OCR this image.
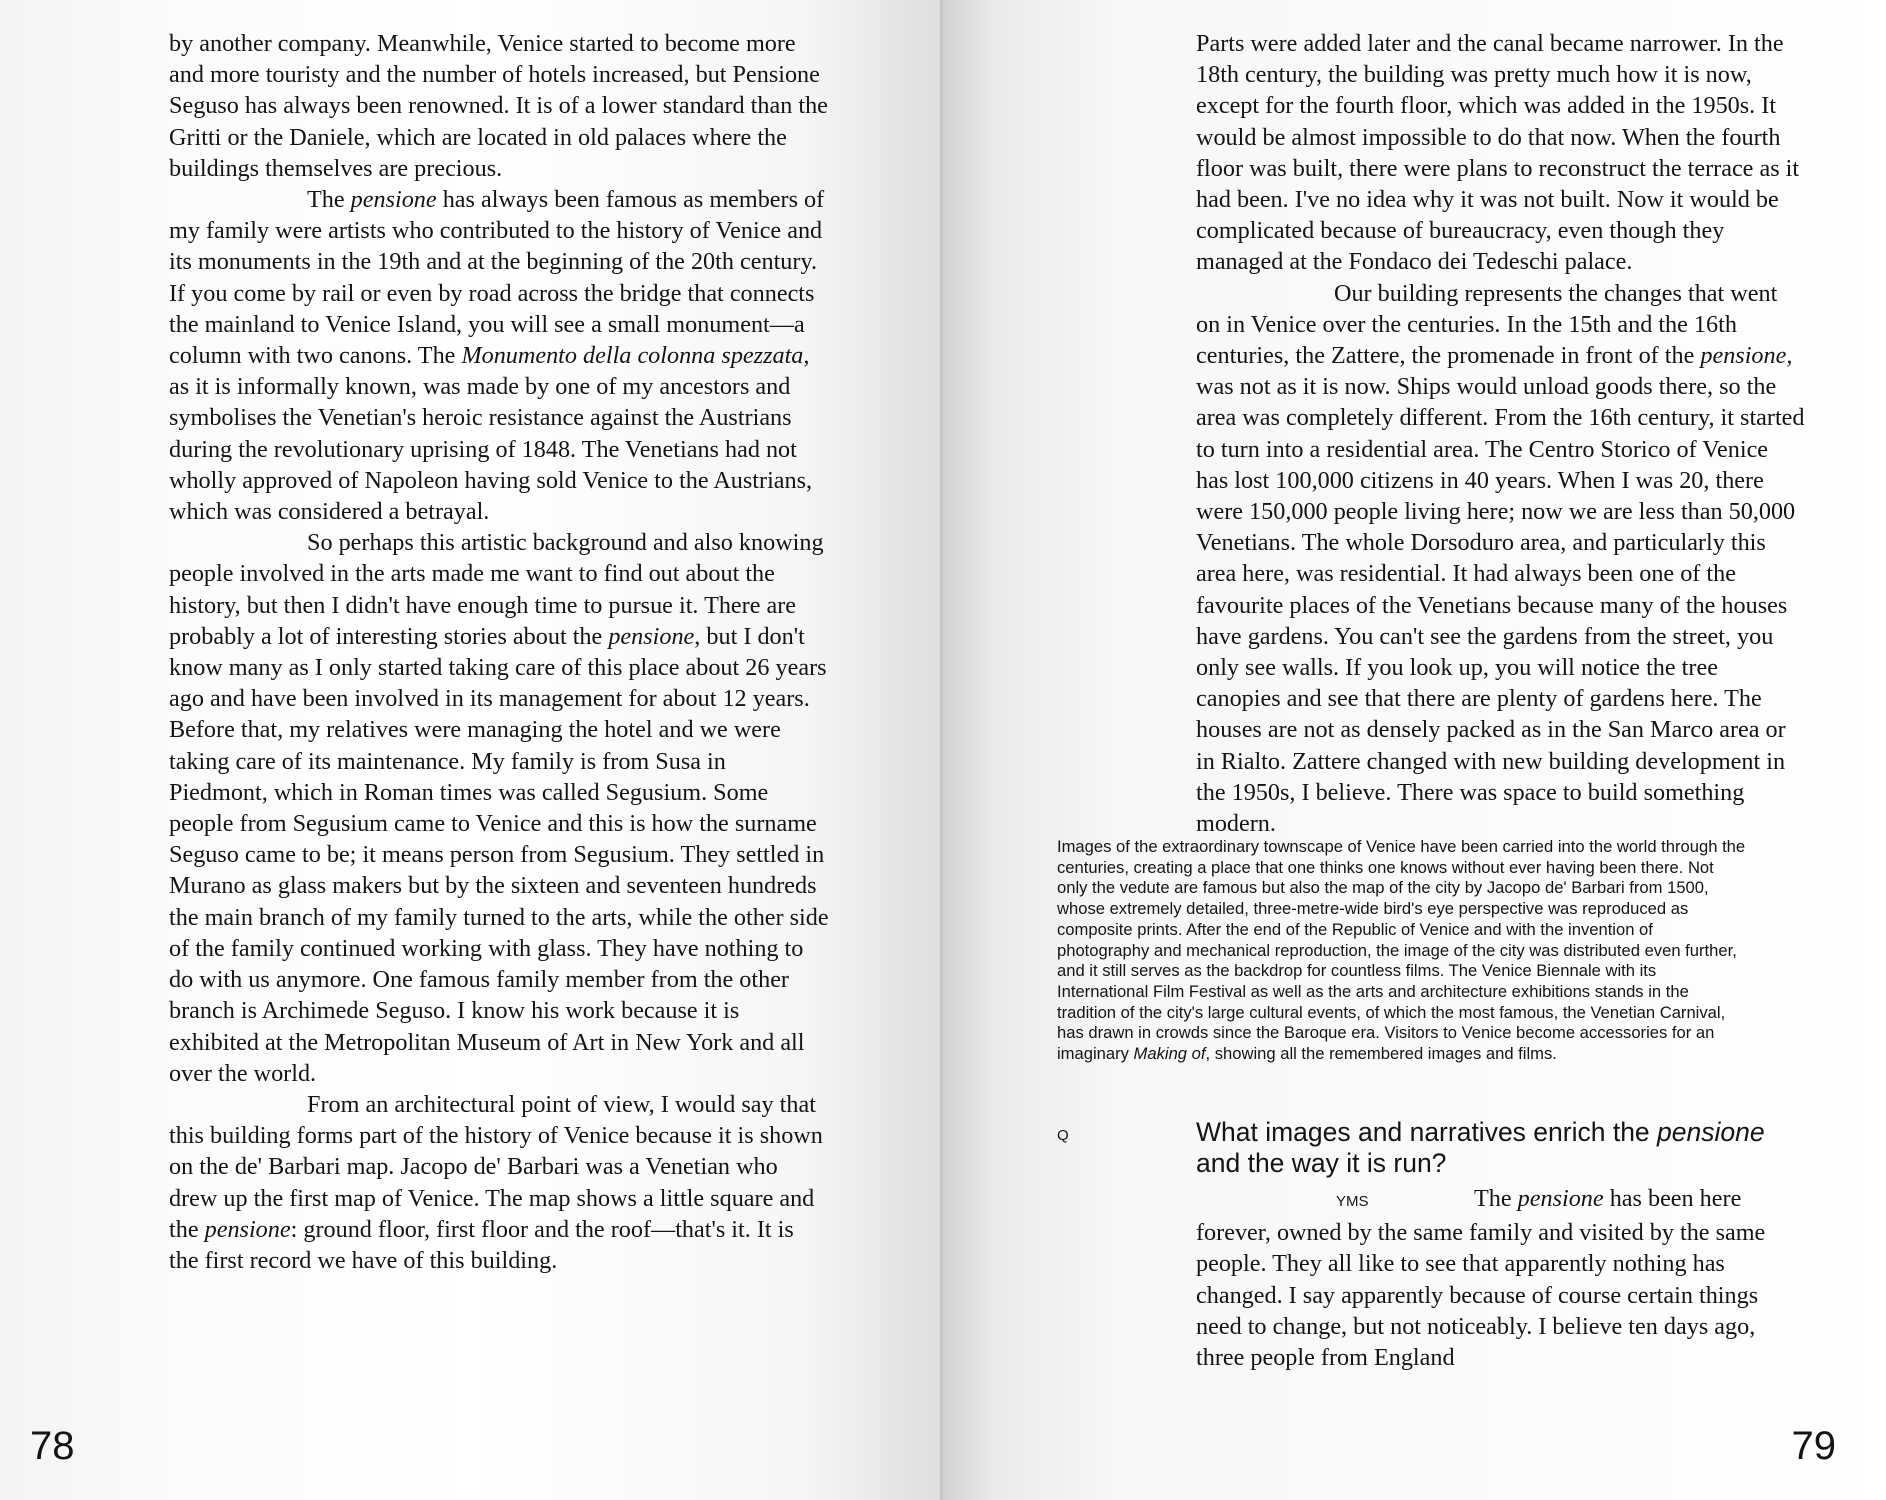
by another company. Meanwhile, Venice started to become more and more touristy and the number of hotels increased, but Pensione Seguso has always been renowned. It is of a lower standard than the Gritti or the Daniele, which are located in old palaces where the buildings themselves are precious.

The pensione has always been famous as members of my family were artists who contributed to the history of Venice and its monuments in the 19th and at the beginning of the 20th century. If you come by rail or even by road across the bridge that connects the mainland to Venice Island, you will see a small monument—a column with two canons. The Monumento della colonna spezzata, as it is informally known, was made by one of my ancestors and symbolises the Venetian's heroic resistance against the Austrians during the revolutionary uprising of 1848. The Venetians had not wholly approved of Napoleon having sold Venice to the Austrians, which was considered a betrayal.

So perhaps this artistic background and also knowing people involved in the arts made me want to find out about the history, but then I didn't have enough time to pursue it. There are probably a lot of interesting stories about the pensione, but I don't know many as I only started taking care of this place about 26 years ago and have been involved in its management for about 12 years. Before that, my relatives were managing the hotel and we were taking care of its maintenance. My family is from Susa in Piedmont, which in Roman times was called Segusium. Some people from Segusium came to Venice and this is how the surname Seguso came to be; it means person from Segusium. They settled in Murano as glass makers but by the sixteen and seventeen hundreds the main branch of my family turned to the arts, while the other side of the family continued working with glass. They have nothing to do with us anymore. One famous family member from the other branch is Archimede Seguso. I know his work because it is exhibited at the Metropolitan Museum of Art in New York and all over the world.

From an architectural point of view, I would say that this building forms part of the history of Venice because it is shown on the de' Barbari map. Jacopo de' Barbari was a Venetian who drew up the first map of Venice. The map shows a little square and the pensione: ground floor, first floor and the roof—that's it. It is the first record we have of this building.

78

Parts were added later and the canal became narrower. In the 18th century, the building was pretty much how it is now, except for the fourth floor, which was added in the 1950s. It would be almost impossible to do that now. When the fourth floor was built, there were plans to reconstruct the terrace as it had been. I've no idea why it was not built. Now it would be complicated because of bureaucracy, even though they managed at the Fondaco dei Tedeschi palace.

Our building represents the changes that went on in Venice over the centuries. In the 15th and the 16th centuries, the Zattere, the promenade in front of the pensione, was not as it is now. Ships would unload goods there, so the area was completely different. From the 16th century, it started to turn into a residential area. The Centro Storico of Venice has lost 100,000 citizens in 40 years. When I was 20, there were 150,000 people living here; now we are less than 50,000 Venetians. The whole Dorsoduro area, and particularly this area here, was residential. It had always been one of the favourite places of the Venetians because many of the houses have gardens. You can't see the gardens from the street, you only see walls. If you look up, you will notice the tree canopies and see that there are plenty of gardens here. The houses are not as densely packed as in the San Marco area or in Rialto. Zattere changed with new building development in the 1950s, I believe. There was space to build something modern.

Images of the extraordinary townscape of Venice have been carried into the world through the centuries, creating a place that one thinks one knows without ever having been there. Not only the vedute are famous but also the map of the city by Jacopo de' Barbari from 1500, whose extremely detailed, three-metre-wide bird's eye perspective was reproduced as composite prints. After the end of the Republic of Venice and with the invention of photography and mechanical reproduction, the image of the city was distributed even further, and it still serves as the backdrop for countless films. The Venice Biennale with its International Film Festival as well as the arts and architecture exhibitions stands in the tradition of the city's large cultural events, of which the most famous, the Venetian Carnival, has drawn in crowds since the Baroque era. Visitors to Venice become accessories for an imaginary Making of, showing all the remembered images and films.

Q	What images and narratives enrich the pensione and the way it is run?

YMS	The pensione has been here forever, owned by the same family and visited by the same people. They all like to see that apparently nothing has changed. I say apparently because of course certain things need to change, but not noticeably. I believe ten days ago, three people from England

79
